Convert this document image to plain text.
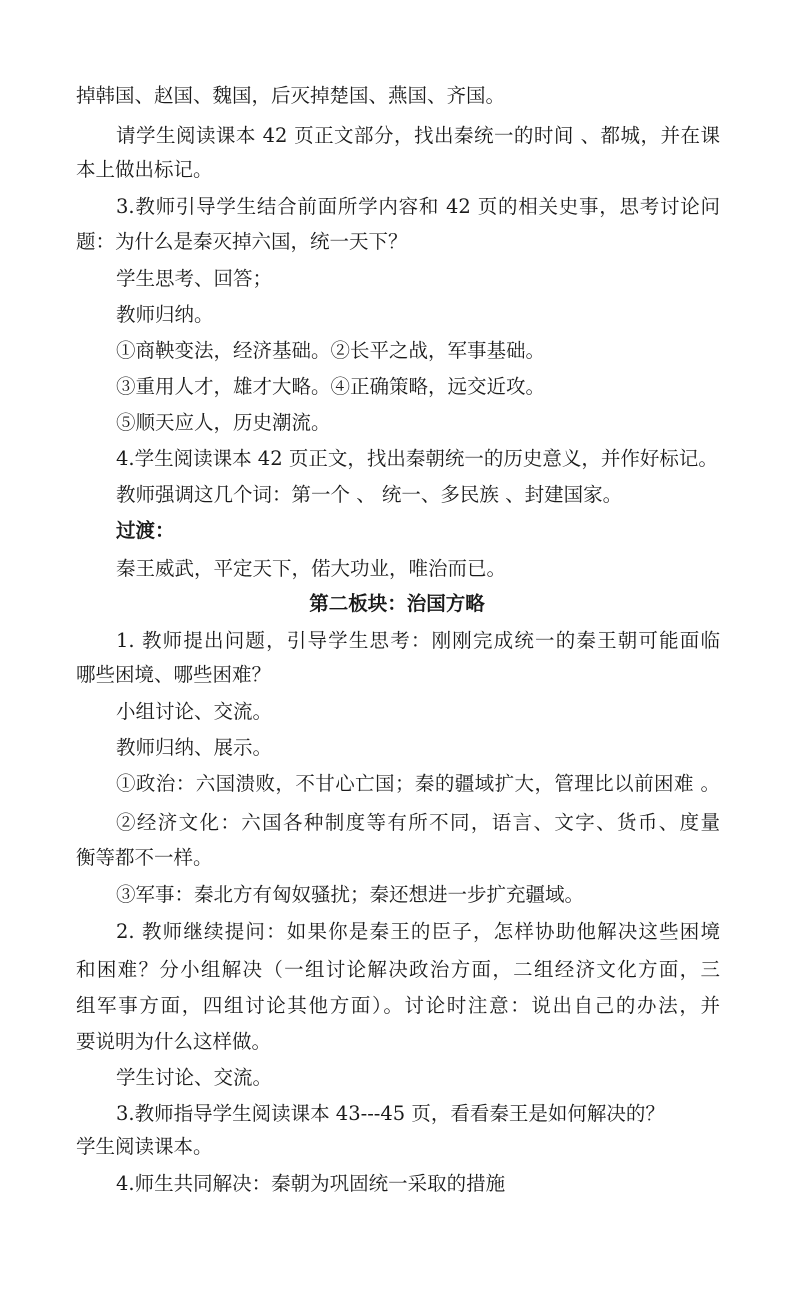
掉韩国、赵国、魏国，后灭掉楚国、燕国、齐国。
请学生阅读课本 42 页正文部分，找出秦统一的时间 、都城，并在课
本上做出标记。
3.教师引导学生结合前面所学内容和 42 页的相关史事，思考讨论问
题：为什么是秦灭掉六国，统一天下？
学生思考、回答；
教师归纳。
①商鞅变法，经济基础。②长平之战，军事基础。
③重用人才，雄才大略。④正确策略，远交近攻。
⑤顺天应人，历史潮流。
4.学生阅读课本 42 页正文，找出秦朝统一的历史意义，并作好标记。
教师强调这几个词：第一个 、 统一、多民族 、封建国家。
过渡：
秦王威武，平定天下，偌大功业，唯治而已。
第二板块：治国方略
1. 教师提出问题，引导学生思考：刚刚完成统一的秦王朝可能面临
哪些困境、哪些困难？
小组讨论、交流。
教师归纳、展示。
①政治：六国溃败，不甘心亡国；秦的疆域扩大，管理比以前困难 。
②经济文化：六国各种制度等有所不同，语言、文字、货币、度量
衡等都不一样。
③军事：秦北方有匈奴骚扰；秦还想进一步扩充疆域。
2. 教师继续提问：如果你是秦王的臣子，怎样协助他解决这些困境
和困难？分小组解决（一组讨论解决政治方面，二组经济文化方面，三
组军事方面，四组讨论其他方面）。讨论时注意：说出自己的办法，并
要说明为什么这样做。
学生讨论、交流。
3.教师指导学生阅读课本 43---45 页，看看秦王是如何解决的？
学生阅读课本。
4.师生共同解决：秦朝为巩固统一采取的措施
